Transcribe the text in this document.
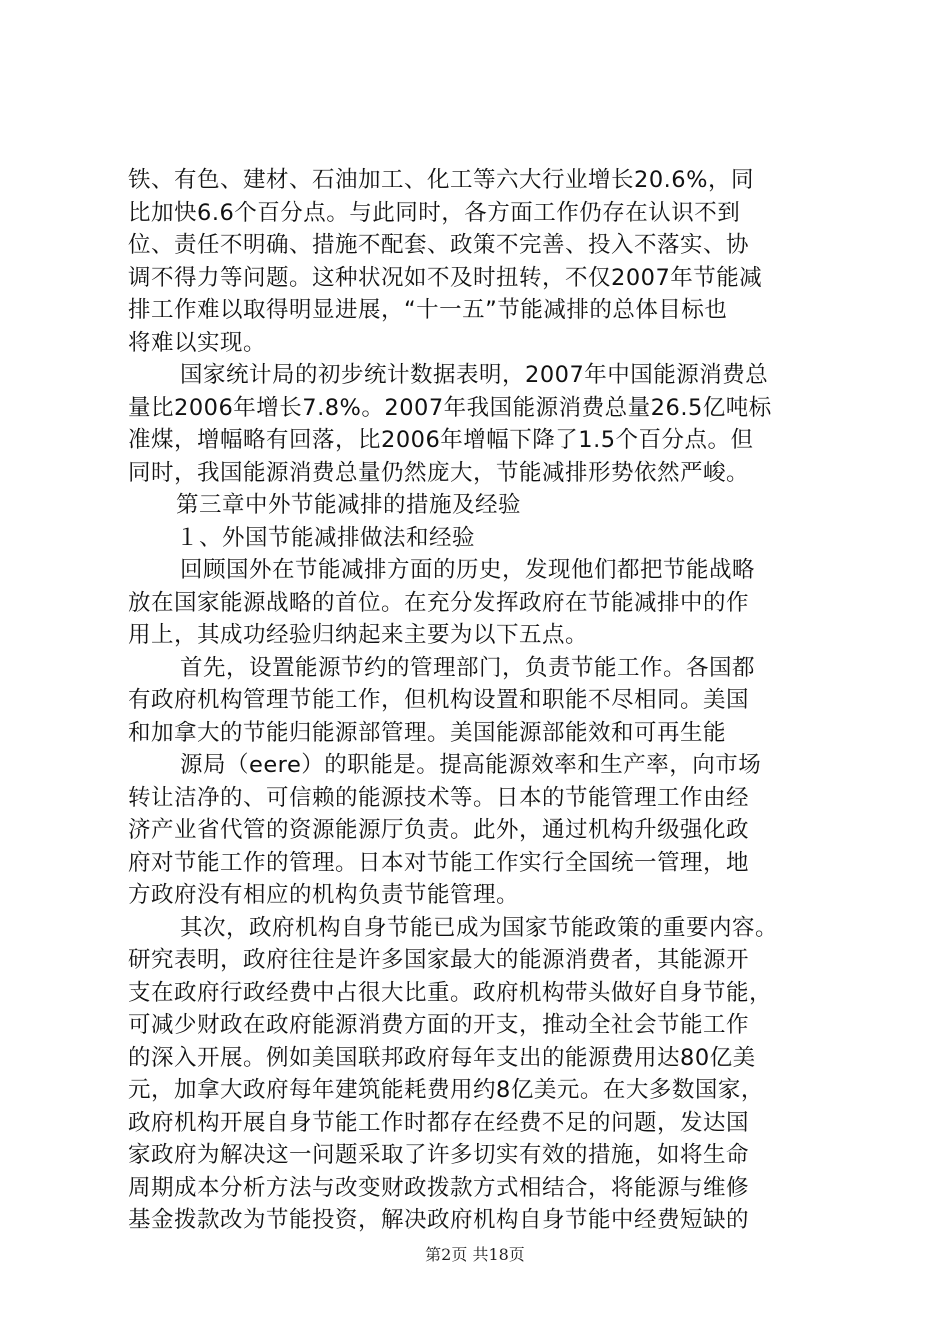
铁、有色、建材、石油加工、化工等六大行业增长20.6%，同
比加快6.6个百分点。与此同时，各方面工作仍存在认识不到
位、责任不明确、措施不配套、政策不完善、投入不落实、协
调不得力等问题。这种状况如不及时扭转，不仅2007年节能减
排工作难以取得明显进展，“十一五”节能减排的总体目标也
将难以实现。
国家统计局的初步统计数据表明，2007年中国能源消费总
量比2006年增长7.8%。2007年我国能源消费总量26.5亿吨标
准煤，增幅略有回落，比2006年增幅下降了1.5个百分点。但
同时，我国能源消费总量仍然庞大，节能减排形势依然严峻。
第三章中外节能减排的措施及经验
１、外国节能减排做法和经验
回顾国外在节能减排方面的历史，发现他们都把节能战略
放在国家能源战略的首位。在充分发挥政府在节能减排中的作
用上，其成功经验归纳起来主要为以下五点。
首先，设置能源节约的管理部门，负责节能工作。各国都
有政府机构管理节能工作，但机构设置和职能不尽相同。美国
和加拿大的节能归能源部管理。美国能源部能效和可再生能
源局（eere）的职能是。提高能源效率和生产率，向市场
转让洁净的、可信赖的能源技术等。日本的节能管理工作由经
济产业省代管的资源能源厅负责。此外，通过机构升级强化政
府对节能工作的管理。日本对节能工作实行全国统一管理，地
方政府没有相应的机构负责节能管理。
其次，政府机构自身节能已成为国家节能政策的重要内容。
研究表明，政府往往是许多国家最大的能源消费者，其能源开
支在政府行政经费中占很大比重。政府机构带头做好自身节能，
可减少财政在政府能源消费方面的开支，推动全社会节能工作
的深入开展。例如美国联邦政府每年支出的能源费用达80亿美
元，加拿大政府每年建筑能耗费用约8亿美元。在大多数国家，
政府机构开展自身节能工作时都存在经费不足的问题，发达国
家政府为解决这一问题采取了许多切实有效的措施，如将生命
周期成本分析方法与改变财政拨款方式相结合，将能源与维修
基金拨款改为节能投资，解决政府机构自身节能中经费短缺的
第2页 共18页
